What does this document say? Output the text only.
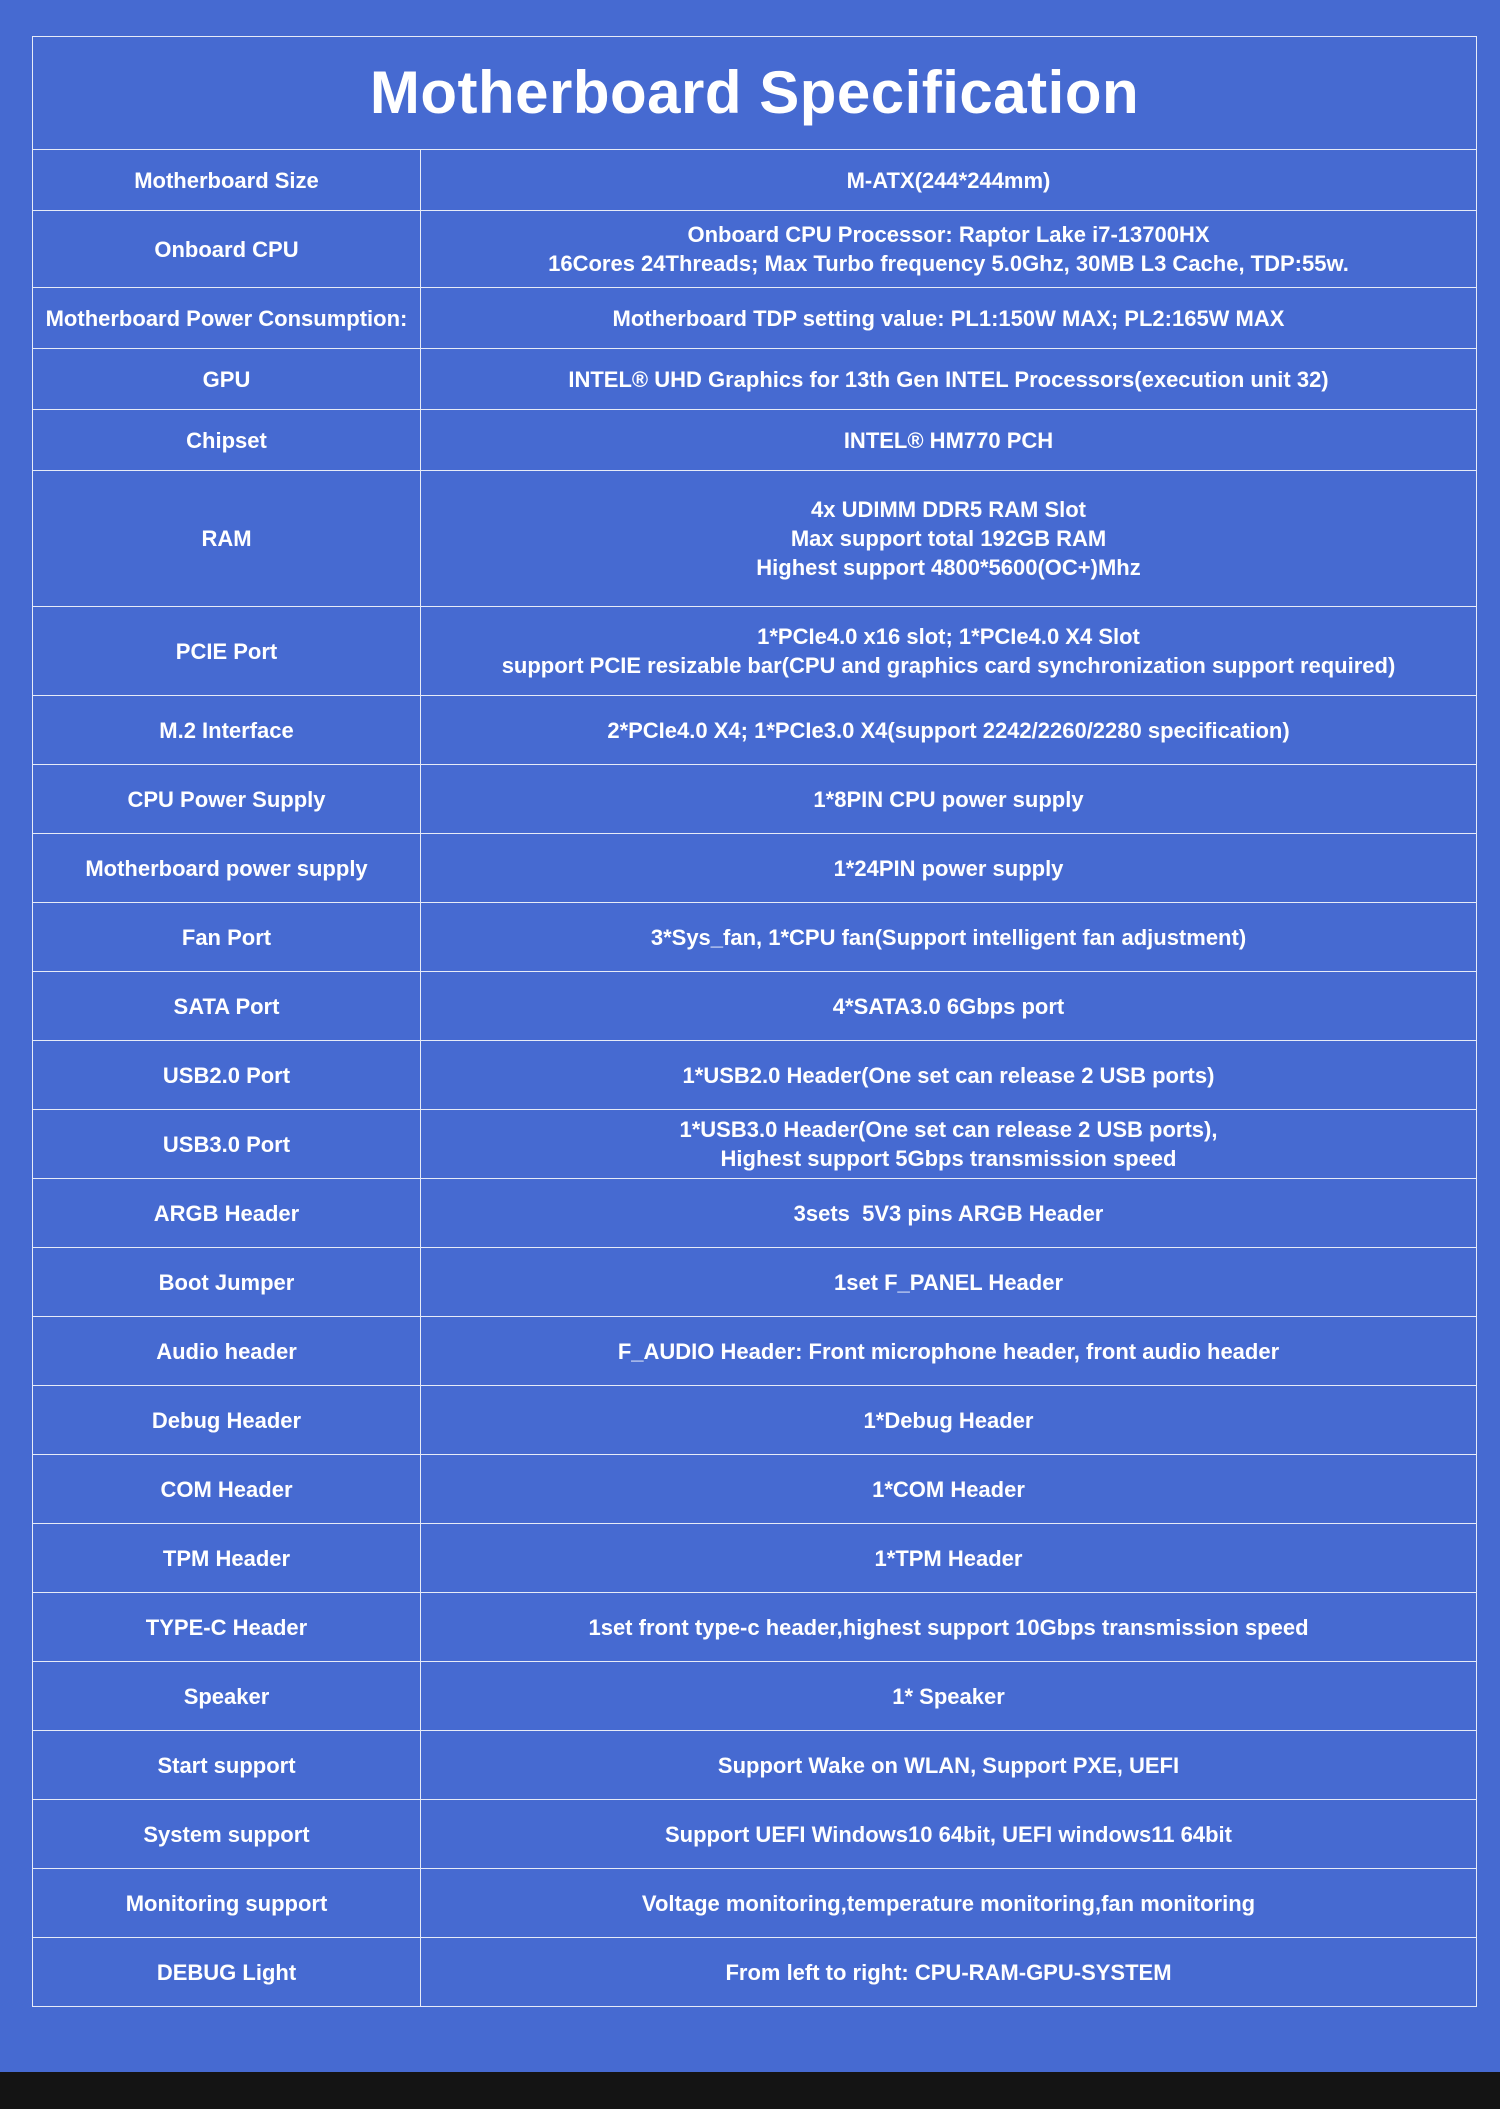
Motherboard Specification	
Motherboard Size	M-ATX(244*244mm)

Onboard CPU	Onboard CPU Processor: Raptor Lake i7-13700HX
16Cores 24Threads; Max Turbo frequency 5.0Ghz, 30MB L3 Cache, TDP:55w.

Motherboard Power Consumption:	Motherboard TDP setting value: PL1:150W MAX; PL2:165W MAX

GPU	INTEL® UHD Graphics for 13th Gen INTEL Processors(execution unit 32)

Chipset	INTEL® HM770 PCH

RAM	4x UDIMM DDR5 RAM Slot
Max support total 192GB RAM
Highest support 4800*5600(OC+)Mhz

PCIE Port	1*PCIe4.0 x16 slot; 1*PCIe4.0 X4 Slot
support PCIE resizable bar(CPU and graphics card synchronization support required)

M.2 Interface	2*PCIe4.0 X4; 1*PCIe3.0 X4(support 2242/2260/2280 specification)

CPU Power Supply	1*8PIN CPU power supply

Motherboard power supply	1*24PIN power supply

Fan Port	3*Sys_fan, 1*CPU fan(Support intelligent fan adjustment)

SATA Port	4*SATA3.0 6Gbps port

USB2.0 Port	1*USB2.0 Header(One set can release 2 USB ports)

USB3.0 Port	1*USB3.0 Header(One set can release 2 USB ports),
Highest support 5Gbps transmission speed

ARGB Header	3sets  5V3 pins ARGB Header

Boot Jumper	1set F_PANEL Header

Audio header	F_AUDIO Header: Front microphone header, front audio header

Debug Header	1*Debug Header

COM Header	1*COM Header

TPM Header	1*TPM Header

TYPE-C Header	1set front type-c header,highest support 10Gbps transmission speed

Speaker	1* Speaker

Start support	Support Wake on WLAN, Support PXE, UEFI

System support	Support UEFI Windows10 64bit, UEFI windows11 64bit

Monitoring support	Voltage monitoring,temperature monitoring,fan monitoring

DEBUG Light	From left to right: CPU-RAM-GPU-SYSTEM
